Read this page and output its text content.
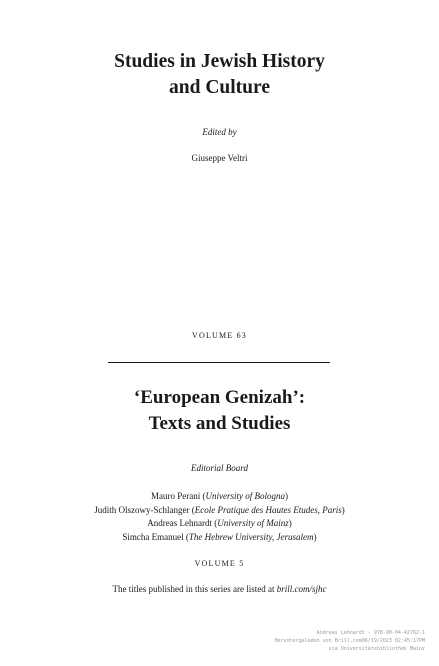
Studies in Jewish History
and Culture

Edited by

Giuseppe Veltri

VOLUME 63

‘European Genizah’:
Texts and Studies

Editorial Board

Mauro Perani (University of Bologna)
Judith Olszowy-Schlanger (Ecole Pratique des Hautes Etudes, Paris)
Andreas Lehnardt (University of Mainz)
Simcha Emanuel (The Hebrew University, Jerusalem)

VOLUME 5

The titles published in this series are listed at brill.com/sjhc

Andreas Lehnardt - 978-90-04-42762-1
Heruntergeladen von Brill.com06/19/2023 02:45:17PM
via Universitätsbibliothek Mainz
